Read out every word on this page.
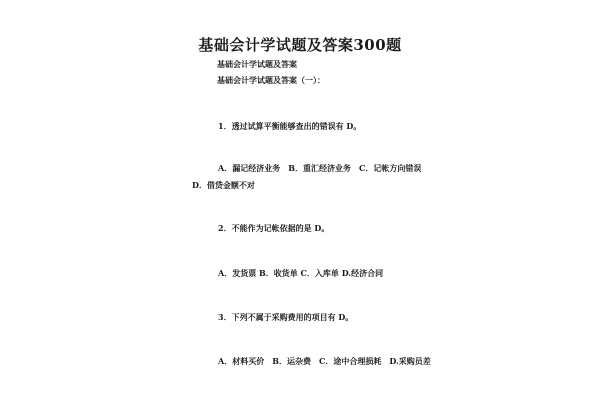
基础会计学试题及答案300题
基础会计学试题及答案
基础会计学试题及答案（一）：
1．透过试算平衡能够查出的错误有 D。
A．漏记经济业务　B．重汇经济业务　C．记帐方向错误
D．借贷金额不对
2．不能作为记帐依据的是 D。
A．发货票 B．收货单 C．入库单 D.经济合同
3．下列不属于采购费用的项目有 D。
A．材料买价　B．运杂费　C．途中合理损耗　D.采购员差
